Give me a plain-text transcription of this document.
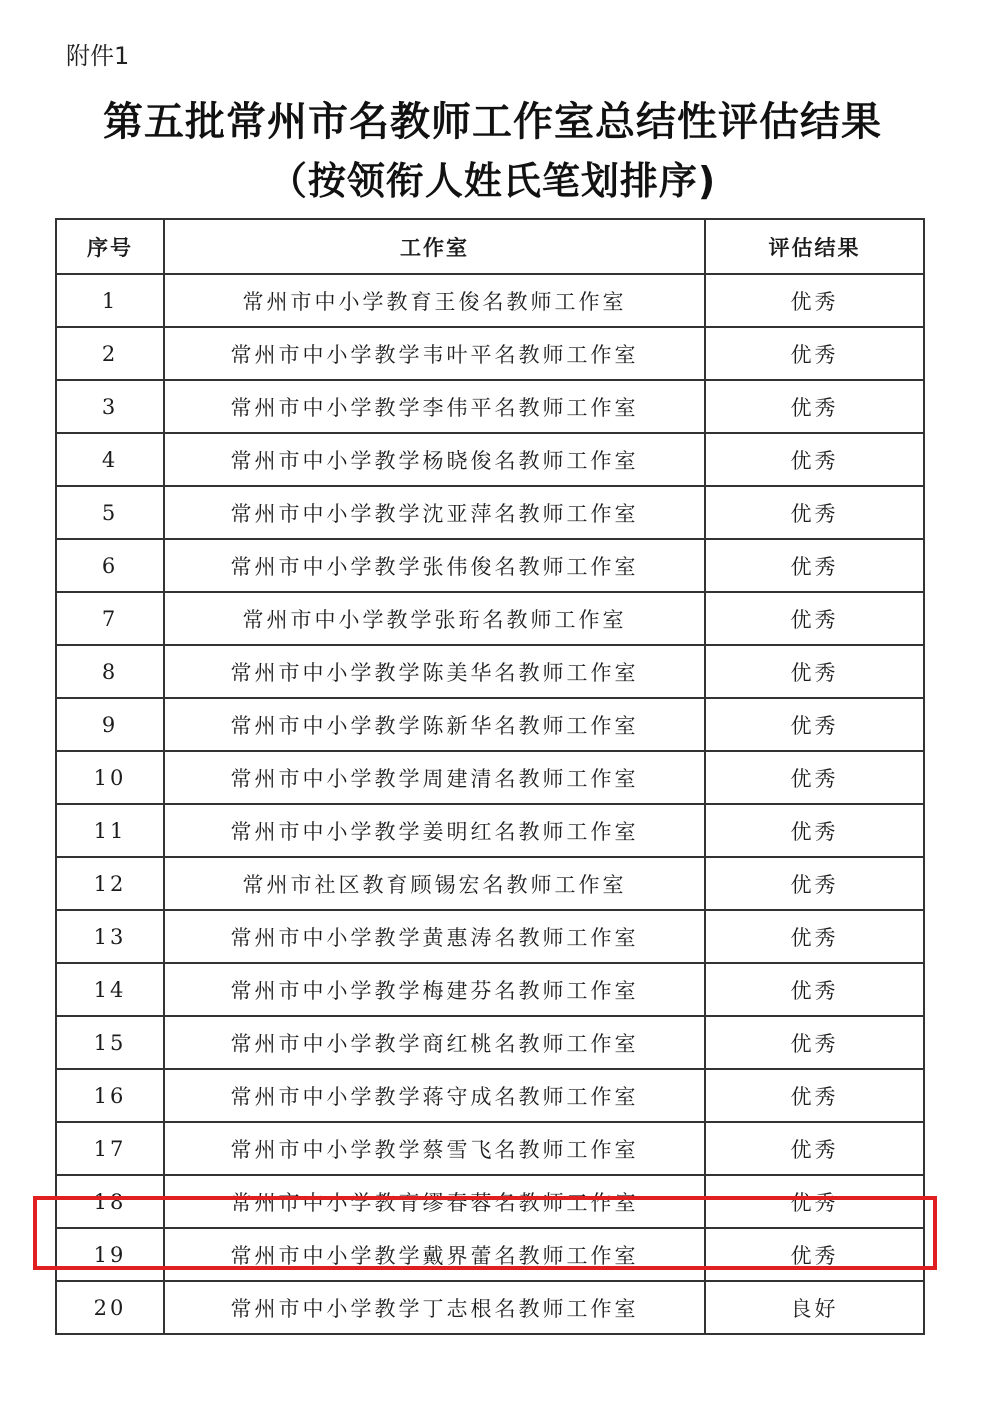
附件1
第五批常州市名教师工作室总结性评估结果
（按领衔人姓氏笔划排序)
序号	工作室	评估结果
1	常州市中小学教育王俊名教师工作室	优秀
2	常州市中小学教学韦叶平名教师工作室	优秀
3	常州市中小学教学李伟平名教师工作室	优秀
4	常州市中小学教学杨晓俊名教师工作室	优秀
5	常州市中小学教学沈亚萍名教师工作室	优秀
6	常州市中小学教学张伟俊名教师工作室	优秀
7	常州市中小学教学张珩名教师工作室	优秀
8	常州市中小学教学陈美华名教师工作室	优秀
9	常州市中小学教学陈新华名教师工作室	优秀
10	常州市中小学教学周建清名教师工作室	优秀
11	常州市中小学教学姜明红名教师工作室	优秀
12	常州市社区教育顾锡宏名教师工作室	优秀
13	常州市中小学教学黄惠涛名教师工作室	优秀
14	常州市中小学教学梅建芬名教师工作室	优秀
15	常州市中小学教学商红桃名教师工作室	优秀
16	常州市中小学教学蒋守成名教师工作室	优秀
17	常州市中小学教学蔡雪飞名教师工作室	优秀
18	常州市中小学教育缪春蓉名教师工作室	优秀
19	常州市中小学教学戴界蕾名教师工作室	优秀
20	常州市中小学教学丁志根名教师工作室	良好
